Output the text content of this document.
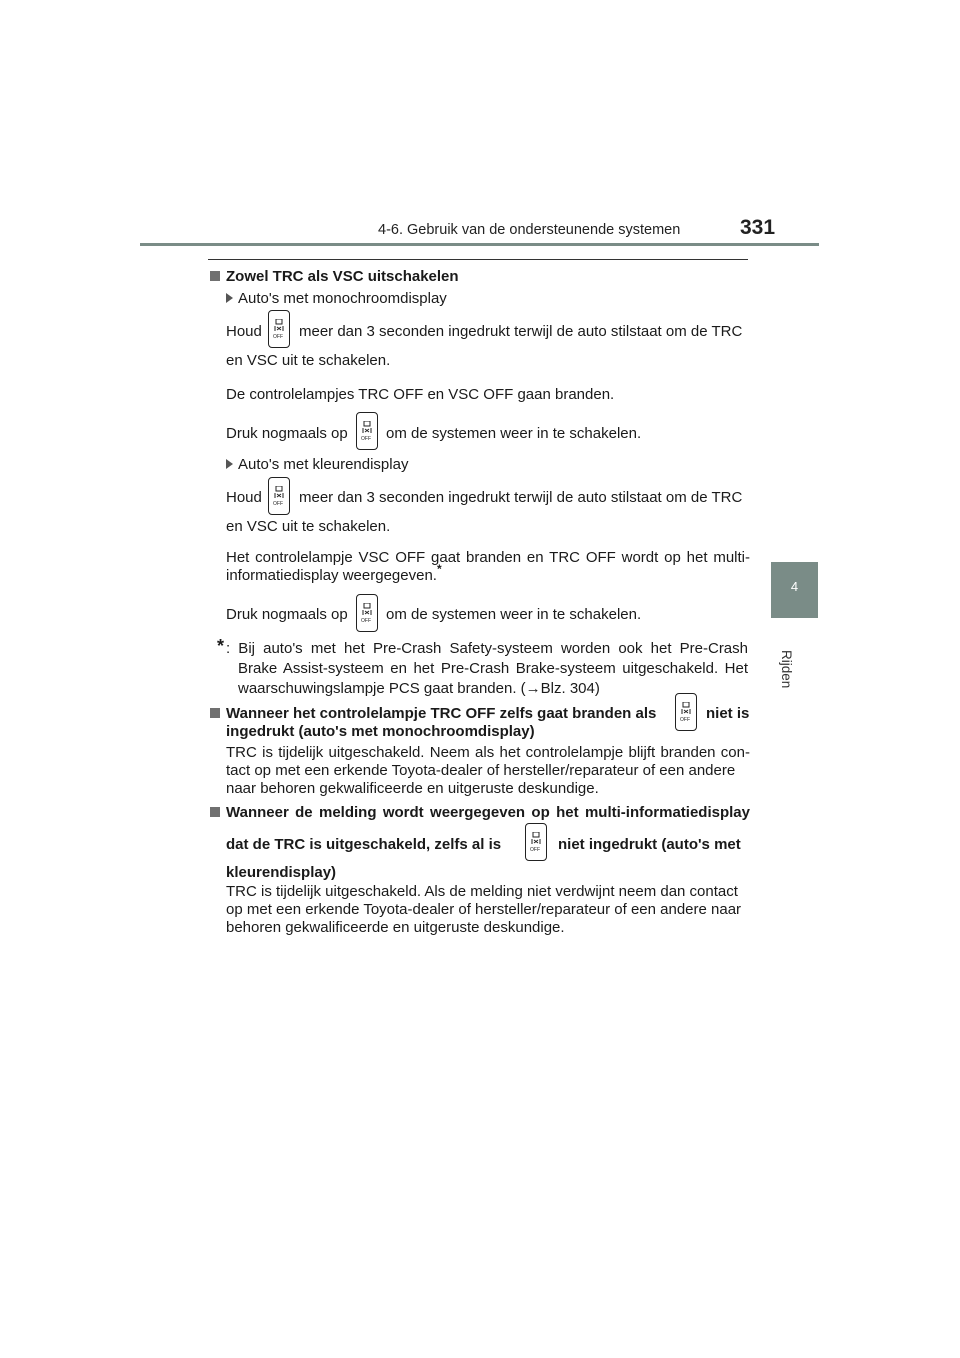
4-6. Gebruik van de ondersteunende systemen	331
4
Rijden
Zowel TRC als VSC uitschakelen
Auto's met monochroomdisplay
Houd OFF meer dan 3 seconden ingedrukt terwijl de auto stilstaat om de TRC
en VSC uit te schakelen.
De controlelampjes TRC OFF en VSC OFF gaan branden.
Druk nogmaals op	OFF om de systemen weer in te schakelen.
Auto's met kleurendisplay
Houd OFF meer dan 3 seconden ingedrukt terwijl de auto stilstaat om de TRC
en VSC uit te schakelen.
Het controlelampje VSC OFF gaat branden en TRC OFF wordt op het multi-
informatiedisplay weergegeven.*
Druk nogmaals op	OFF om de systemen weer in te schakelen.
* : Bij auto's met het Pre-Crash Safety-systeem worden ook het Pre-Crash
Brake Assist-systeem en het Pre-Crash Brake-systeem uitgeschakeld. Het
waarschuwingslampje PCS gaat branden. (→Blz. 304)
Wanneer het controlelampje TRC OFF zelfs gaat branden als	OFF niet is
ingedrukt (auto's met monochroomdisplay)
TRC is tijdelijk uitgeschakeld. Neem als het controlelampje blijft branden con-
tact op met een erkende Toyota-dealer of hersteller/reparateur of een andere
naar behoren gekwalificeerde en uitgeruste deskundige.
Wanneer de melding wordt weergegeven op het multi-informatiedisplay
dat de TRC is uitgeschakeld, zelfs al is	OFF niet ingedrukt (auto's met
kleurendisplay)
TRC is tijdelijk uitgeschakeld. Als de melding niet verdwijnt neem dan contact
op met een erkende Toyota-dealer of hersteller/reparateur of een andere naar
behoren gekwalificeerde en uitgeruste deskundige.
